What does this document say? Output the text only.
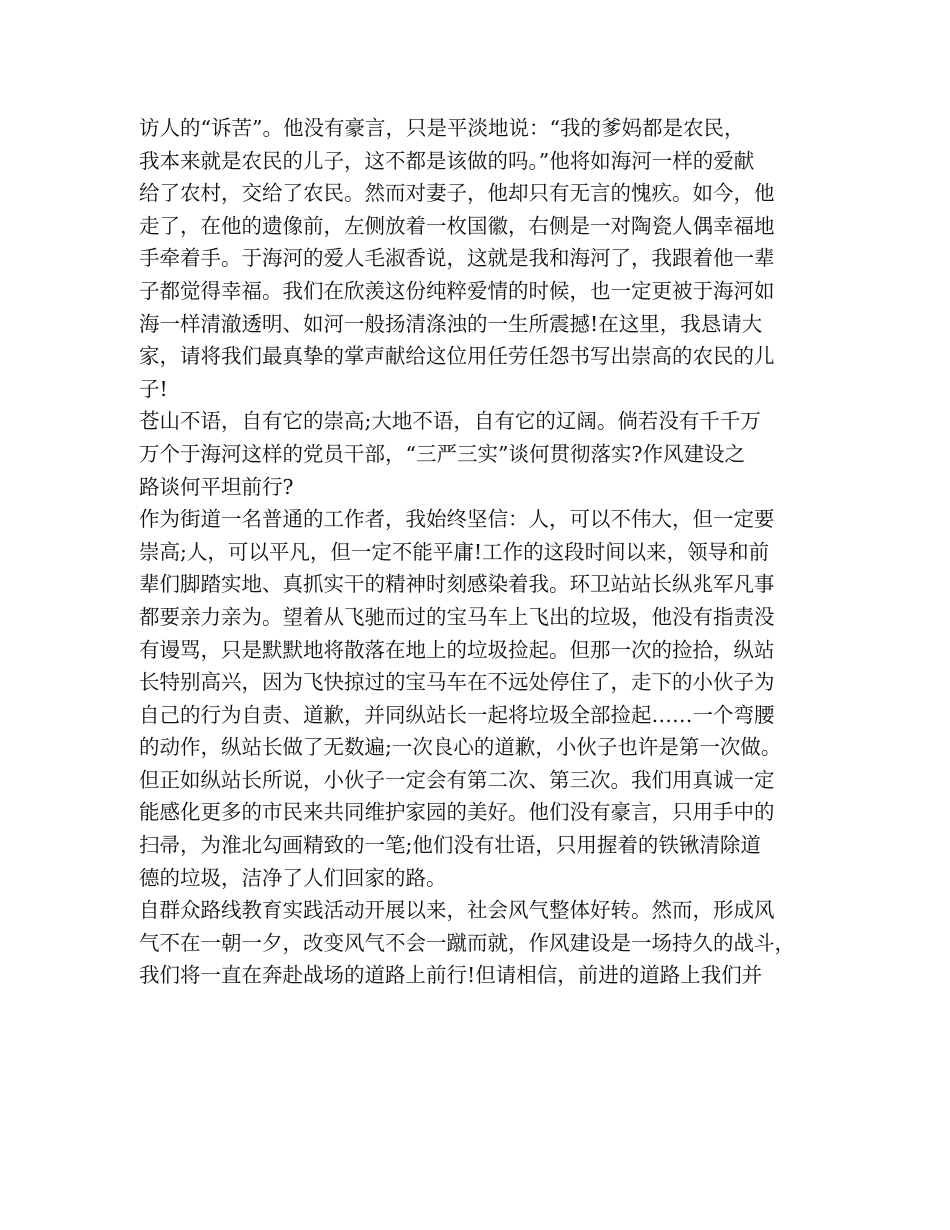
访人的“诉苦”。他没有豪言，只是平淡地说：“我的爹妈都是农民，
我本来就是农民的儿子，这不都是该做的吗。”他将如海河一样的爱献
给了农村，交给了农民。然而对妻子，他却只有无言的愧疚。如今，他
走了，在他的遗像前，左侧放着一枚国徽，右侧是一对陶瓷人偶幸福地
手牵着手。于海河的爱人毛淑香说，这就是我和海河了，我跟着他一辈
子都觉得幸福。我们在欣羡这份纯粹爱情的时候，也一定更被于海河如
海一样清澈透明、如河一般扬清涤浊的一生所震撼!在这里，我恳请大
家，请将我们最真挚的掌声献给这位用任劳任怨书写出崇高的农民的儿
子!
苍山不语，自有它的崇高;大地不语，自有它的辽阔。倘若没有千千万
万个于海河这样的党员干部，“三严三实”谈何贯彻落实?作风建设之
路谈何平坦前行?
作为街道一名普通的工作者，我始终坚信：人，可以不伟大，但一定要
崇高;人，可以平凡，但一定不能平庸!工作的这段时间以来，领导和前
辈们脚踏实地、真抓实干的精神时刻感染着我。环卫站站长纵兆军凡事
都要亲力亲为。望着从飞驰而过的宝马车上飞出的垃圾，他没有指责没
有谩骂，只是默默地将散落在地上的垃圾捡起。但那一次的捡拾，纵站
长特别高兴，因为飞快掠过的宝马车在不远处停住了，走下的小伙子为
自己的行为自责、道歉，并同纵站长一起将垃圾全部捡起……一个弯腰
的动作，纵站长做了无数遍;一次良心的道歉，小伙子也许是第一次做。
但正如纵站长所说，小伙子一定会有第二次、第三次。我们用真诚一定
能感化更多的市民来共同维护家园的美好。他们没有豪言，只用手中的
扫帚，为淮北勾画精致的一笔;他们没有壮语，只用握着的铁锹清除道
德的垃圾，洁净了人们回家的路。
自群众路线教育实践活动开展以来，社会风气整体好转。然而，形成风
气不在一朝一夕，改变风气不会一蹴而就，作风建设是一场持久的战斗，
我们将一直在奔赴战场的道路上前行!但请相信，前进的道路上我们并
